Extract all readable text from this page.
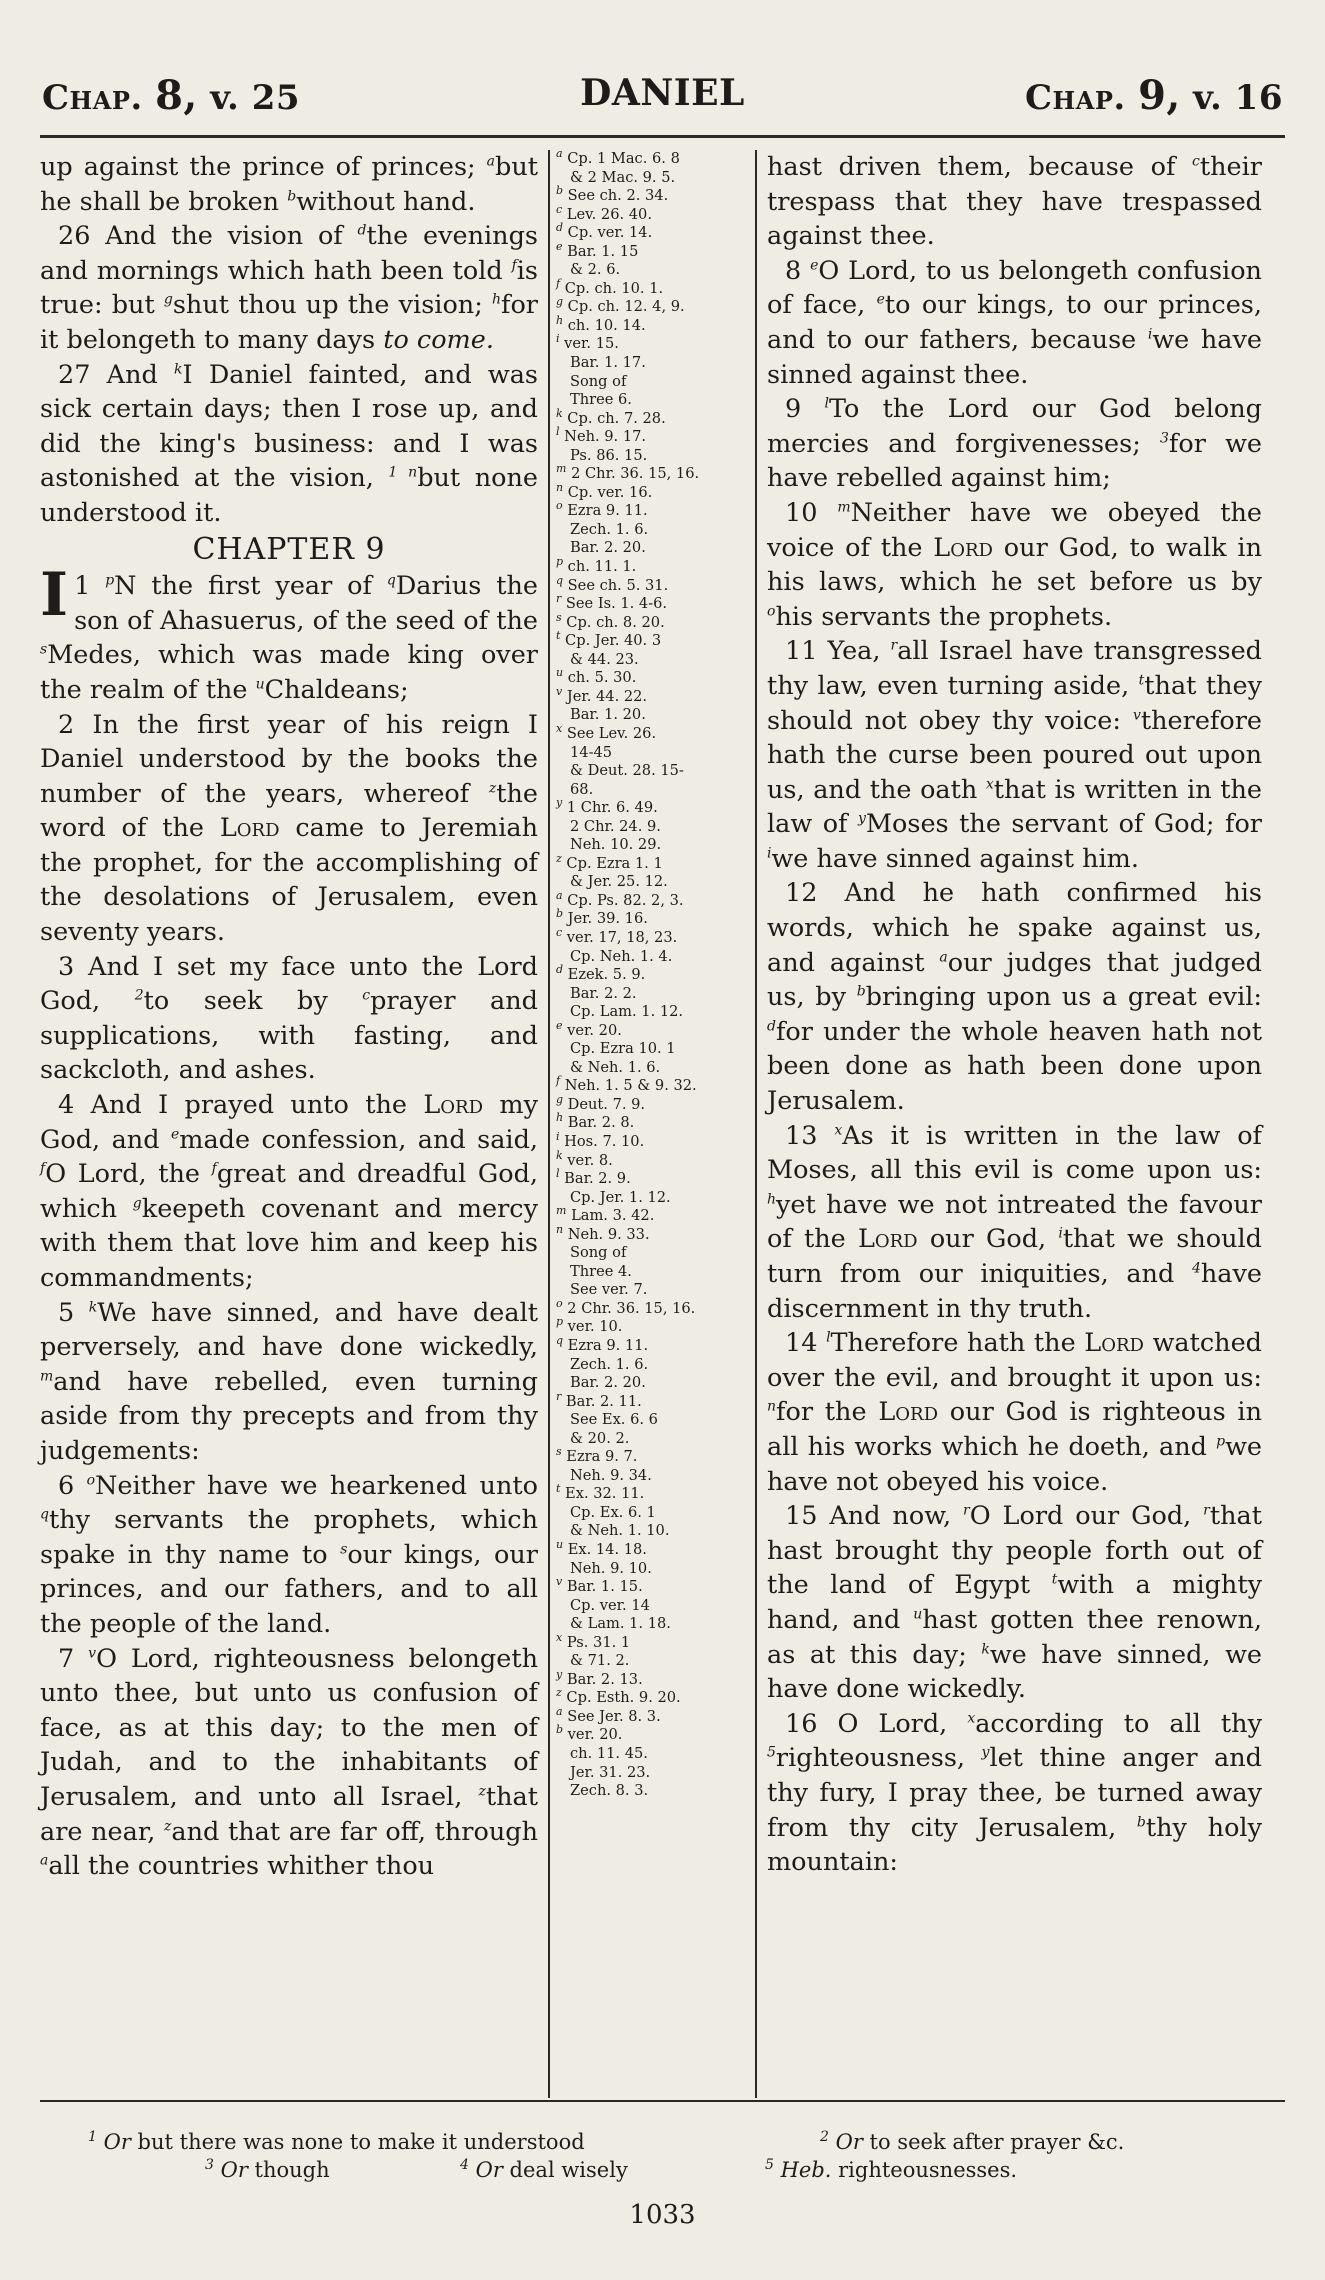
Chap. 8, v. 25	DANIEL	Chap. 9, v. 16

up against the prince of princes; $^a$but he shall be broken $^b$without hand.

26 And the vision of $^d$the evenings and mornings which hath been told $^f$is true: but $^g$shut thou up the vision; $^h$for it belongeth to many days to come.

27 And $^k$I Daniel fainted, and was sick certain days; then I rose up, and did the king's business: and I was astonished at the vision, $^{1 n}$but none understood it.

CHAPTER 9

1 $^p$
I N the first year of $^q$Darius the son of Ahasuerus, of the seed of the $^s$Medes, which was made king over the realm of the $^u$Chaldeans;

2 In the first year of his reign I Daniel understood by the books the number of the years, whereof $^z$the word of the Lord came to Jeremiah the prophet, for the accomplishing of the desolations of Jerusalem, even seventy years.

3 And I set my face unto the Lord God, $^2$to seek by $^c$prayer and supplications, with fasting, and sackcloth, and ashes.

4 And I prayed unto the Lord my God, and $^e$made confession, and said, $^f$O Lord, the $^f$great and dreadful God, which $^g$keepeth covenant and mercy with them that love him and keep his commandments;

5 $^k$We have sinned, and have dealt perversely, and have done wickedly, $^m$and have rebelled, even turning aside from thy precepts and from thy judgements:

6 $^o$Neither have we hearkened unto $^q$thy servants the prophets, which spake in thy name to $^s$our kings, our princes, and our fathers, and to all the people of the land.

7 $^v$O Lord, righteousness belongeth unto thee, but unto us confusion of face, as at this day; to the men of Judah, and to the inhabitants of Jerusalem, and unto all Israel, $^z$that are near, $^z$and that are far off, through $^a$all the countries whither thou

$^a$ Cp. 1 Mac. 6. 8
& 2 Mac. 9. 5.
$^b$ See ch. 2. 34.
$^c$ Lev. 26. 40.
$^d$ Cp. ver. 14.
$^e$ Bar. 1. 15
& 2. 6.
$^f$ Cp. ch. 10. 1.
$^g$ Cp. ch. 12. 4, 9.
$^h$ ch. 10. 14.
$^i$ ver. 15.
Bar. 1. 17.
Song of
Three 6.
$^k$ Cp. ch. 7. 28.
$^l$ Neh. 9. 17.
Ps. 86. 15.
$^m$ 2 Chr. 36. 15, 16.
$^n$ Cp. ver. 16.
$^o$ Ezra 9. 11.
Zech. 1. 6.
Bar. 2. 20.
$^p$ ch. 11. 1.
$^q$ See ch. 5. 31.
$^r$ See Is. 1. 4-6.
$^s$ Cp. ch. 8. 20.
$^t$ Cp. Jer. 40. 3
& 44. 23.
$^u$ ch. 5. 30.
$^v$ Jer. 44. 22.
Bar. 1. 20.
$^x$ See Lev. 26.
14-45
& Deut. 28. 15-
68.
$^y$ 1 Chr. 6. 49.
2 Chr. 24. 9.
Neh. 10. 29.
$^z$ Cp. Ezra 1. 1
& Jer. 25. 12.
$^a$ Cp. Ps. 82. 2, 3.
$^b$ Jer. 39. 16.
$^c$ ver. 17, 18, 23.
Cp. Neh. 1. 4.
$^d$ Ezek. 5. 9.
Bar. 2. 2.
Cp. Lam. 1. 12.
$^e$ ver. 20.
Cp. Ezra 10. 1
& Neh. 1. 6.
$^f$ Neh. 1. 5 & 9. 32.
$^g$ Deut. 7. 9.
$^h$ Bar. 2. 8.
$^i$ Hos. 7. 10.
$^k$ ver. 8.
$^l$ Bar. 2. 9.
Cp. Jer. 1. 12.
$^m$ Lam. 3. 42.
$^n$ Neh. 9. 33.
Song of
Three 4.
See ver. 7.
$^o$ 2 Chr. 36. 15, 16.
$^p$ ver. 10.
$^q$ Ezra 9. 11.
Zech. 1. 6.
Bar. 2. 20.
$^r$ Bar. 2. 11.
See Ex. 6. 6
& 20. 2.
$^s$ Ezra 9. 7.
Neh. 9. 34.
$^t$ Ex. 32. 11.
Cp. Ex. 6. 1
& Neh. 1. 10.
$^u$ Ex. 14. 18.
Neh. 9. 10.
$^v$ Bar. 1. 15.
Cp. ver. 14
& Lam. 1. 18.
$^x$ Ps. 31. 1
& 71. 2.
$^y$ Bar. 2. 13.
$^z$ Cp. Esth. 9. 20.
$^a$ See Jer. 8. 3.
$^b$ ver. 20.
ch. 11. 45.
Jer. 31. 23.
Zech. 8. 3.

hast driven them, because of $^c$their trespass that they have trespassed against thee.

8 $^e$O Lord, to us belongeth confusion of face, $^e$to our kings, to our princes, and to our fathers, because $^i$we have sinned against thee.

9 $^l$To the Lord our God belong mercies and forgivenesses; $^3$for we have rebelled against him;

10 $^m$Neither have we obeyed the voice of the Lord our God, to walk in his laws, which he set before us by $^o$his servants the prophets.

11 Yea, $^r$all Israel have transgressed thy law, even turning aside, $^t$that they should not obey thy voice: $^v$therefore hath the curse been poured out upon us, and the oath $^x$that is written in the law of $^y$Moses the servant of God; for $^i$we have sinned against him.

12 And he hath confirmed his words, which he spake against us, and against $^a$our judges that judged us, by $^b$bringing upon us a great evil: $^d$for under the whole heaven hath not been done as hath been done upon Jerusalem.

13 $^x$As it is written in the law of Moses, all this evil is come upon us: $^h$yet have we not intreated the favour of the Lord our God, $^i$that we should turn from our iniquities, and $^4$have discernment in thy truth.

14 $^l$Therefore hath the Lord watched over the evil, and brought it upon us: $^n$for the Lord our God is righteous in all his works which he doeth, and $^p$we have not obeyed his voice.

15 And now, $^r$O Lord our God, $^r$that hast brought thy people forth out of the land of Egypt $^t$with a mighty hand, and $^u$hast gotten thee renown, as at this day; $^k$we have sinned, we have done wickedly.

16 O Lord, $^x$according to all thy $^5$righteousness, $^y$let thine anger and thy fury, I pray thee, be turned away from thy city Jerusalem, $^b$thy holy mountain:

$^1$ Or but there was none to make it understood	$^2$ Or to seek after prayer &c.
$^3$ Or though	$^4$ Or deal wisely	$^5$ Heb. righteousnesses.
1033
